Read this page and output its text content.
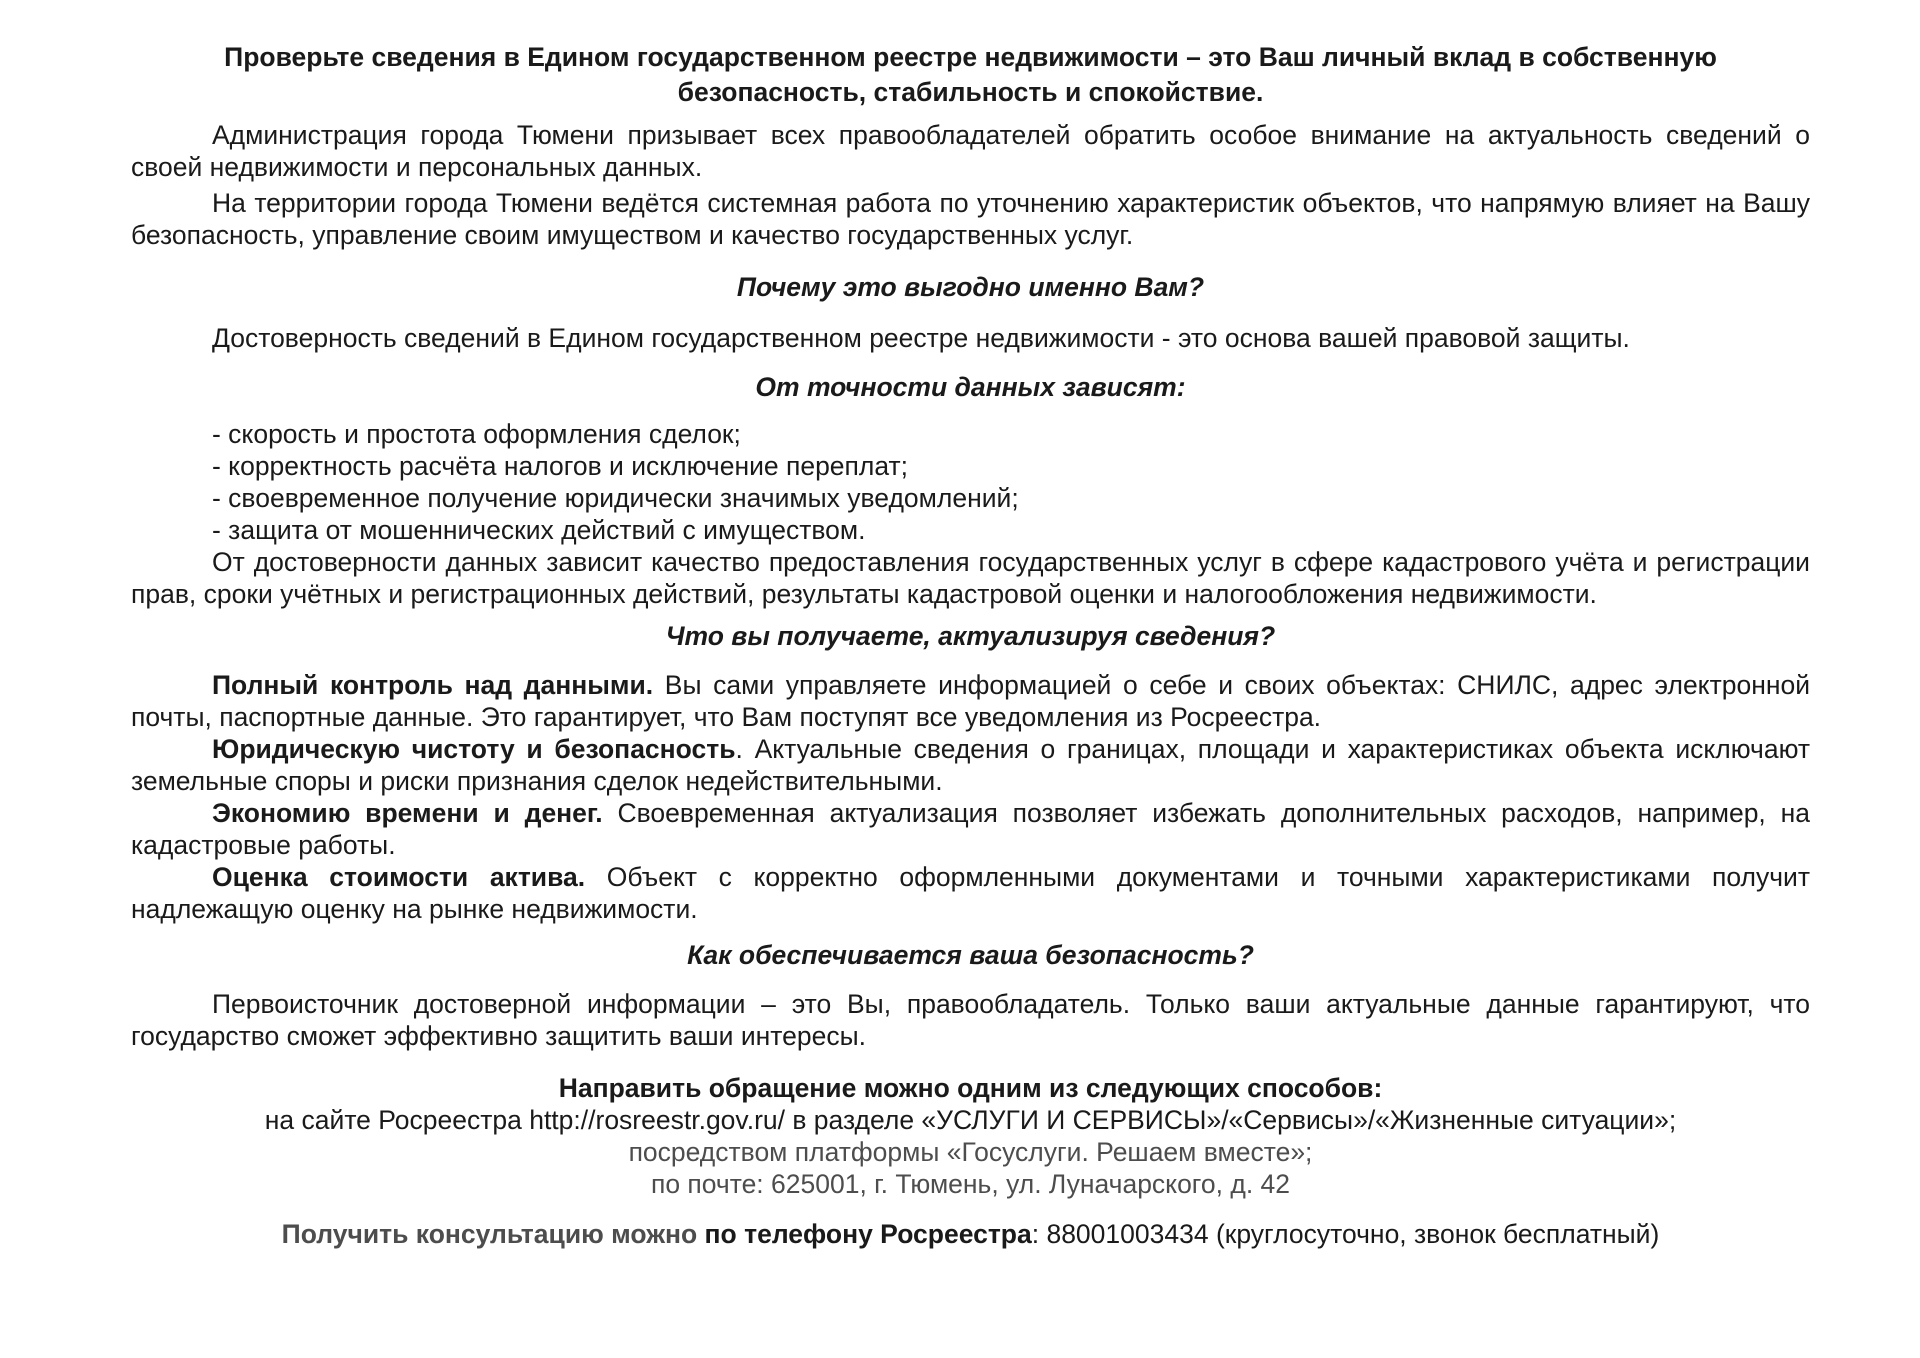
Проверьте сведения в Едином государственном реестре недвижимости – это Ваш личный вклад в собственную
безопасность, стабильность и спокойствие.

Администрация города Тюмени призывает всех правообладателей обратить особое внимание на актуальность сведений о своей недвижимости и персональных данных.

На территории города Тюмени ведётся системная работа по уточнению характеристик объектов, что напрямую влияет на Вашу безопасность, управление своим имуществом и качество государственных услуг.

Почему это выгодно именно Вам?

Достоверность сведений в Едином государственном реестре недвижимости - это основа вашей правовой защиты.

От точности данных зависят:

- скорость и простота оформления сделок;
- корректность расчёта налогов и исключение переплат;
- своевременное получение юридически значимых уведомлений;
- защита от мошеннических действий с имуществом.

От достоверности данных зависит качество предоставления государственных услуг в сфере кадастрового учёта и регистрации прав, сроки учётных и регистрационных действий, результаты кадастровой оценки и налогообложения недвижимости.

Что вы получаете, актуализируя сведения?

Полный контроль над данными. Вы сами управляете информацией о себе и своих объектах: СНИЛС, адрес электронной почты, паспортные данные. Это гарантирует, что Вам поступят все уведомления из Росреестра.

Юридическую чистоту и безопасность. Актуальные сведения о границах, площади и характеристиках объекта исключают земельные споры и риски признания сделок недействительными.

Экономию времени и денег. Своевременная актуализация позволяет избежать дополнительных расходов, например, на кадастровые работы.

Оценка стоимости актива. Объект с корректно оформленными документами и точными характеристиками получит надлежащую оценку на рынке недвижимости.

Как обеспечивается ваша безопасность?

Первоисточник достоверной информации – это Вы, правообладатель. Только ваши актуальные данные гарантируют, что государство сможет эффективно защитить ваши интересы.

Направить обращение можно одним из следующих способов:

на сайте Росреестра http://rosreestr.gov.ru/ в разделе «УСЛУГИ И СЕРВИСЫ»/«Сервисы»/«Жизненные ситуации»;

посредством платформы «Госуслуги. Решаем вместе»;

по почте: 625001, г. Тюмень, ул. Луначарского, д. 42

Получить консультацию можно по телефону Росреестра: 88001003434 (круглосуточно, звонок бесплатный)
